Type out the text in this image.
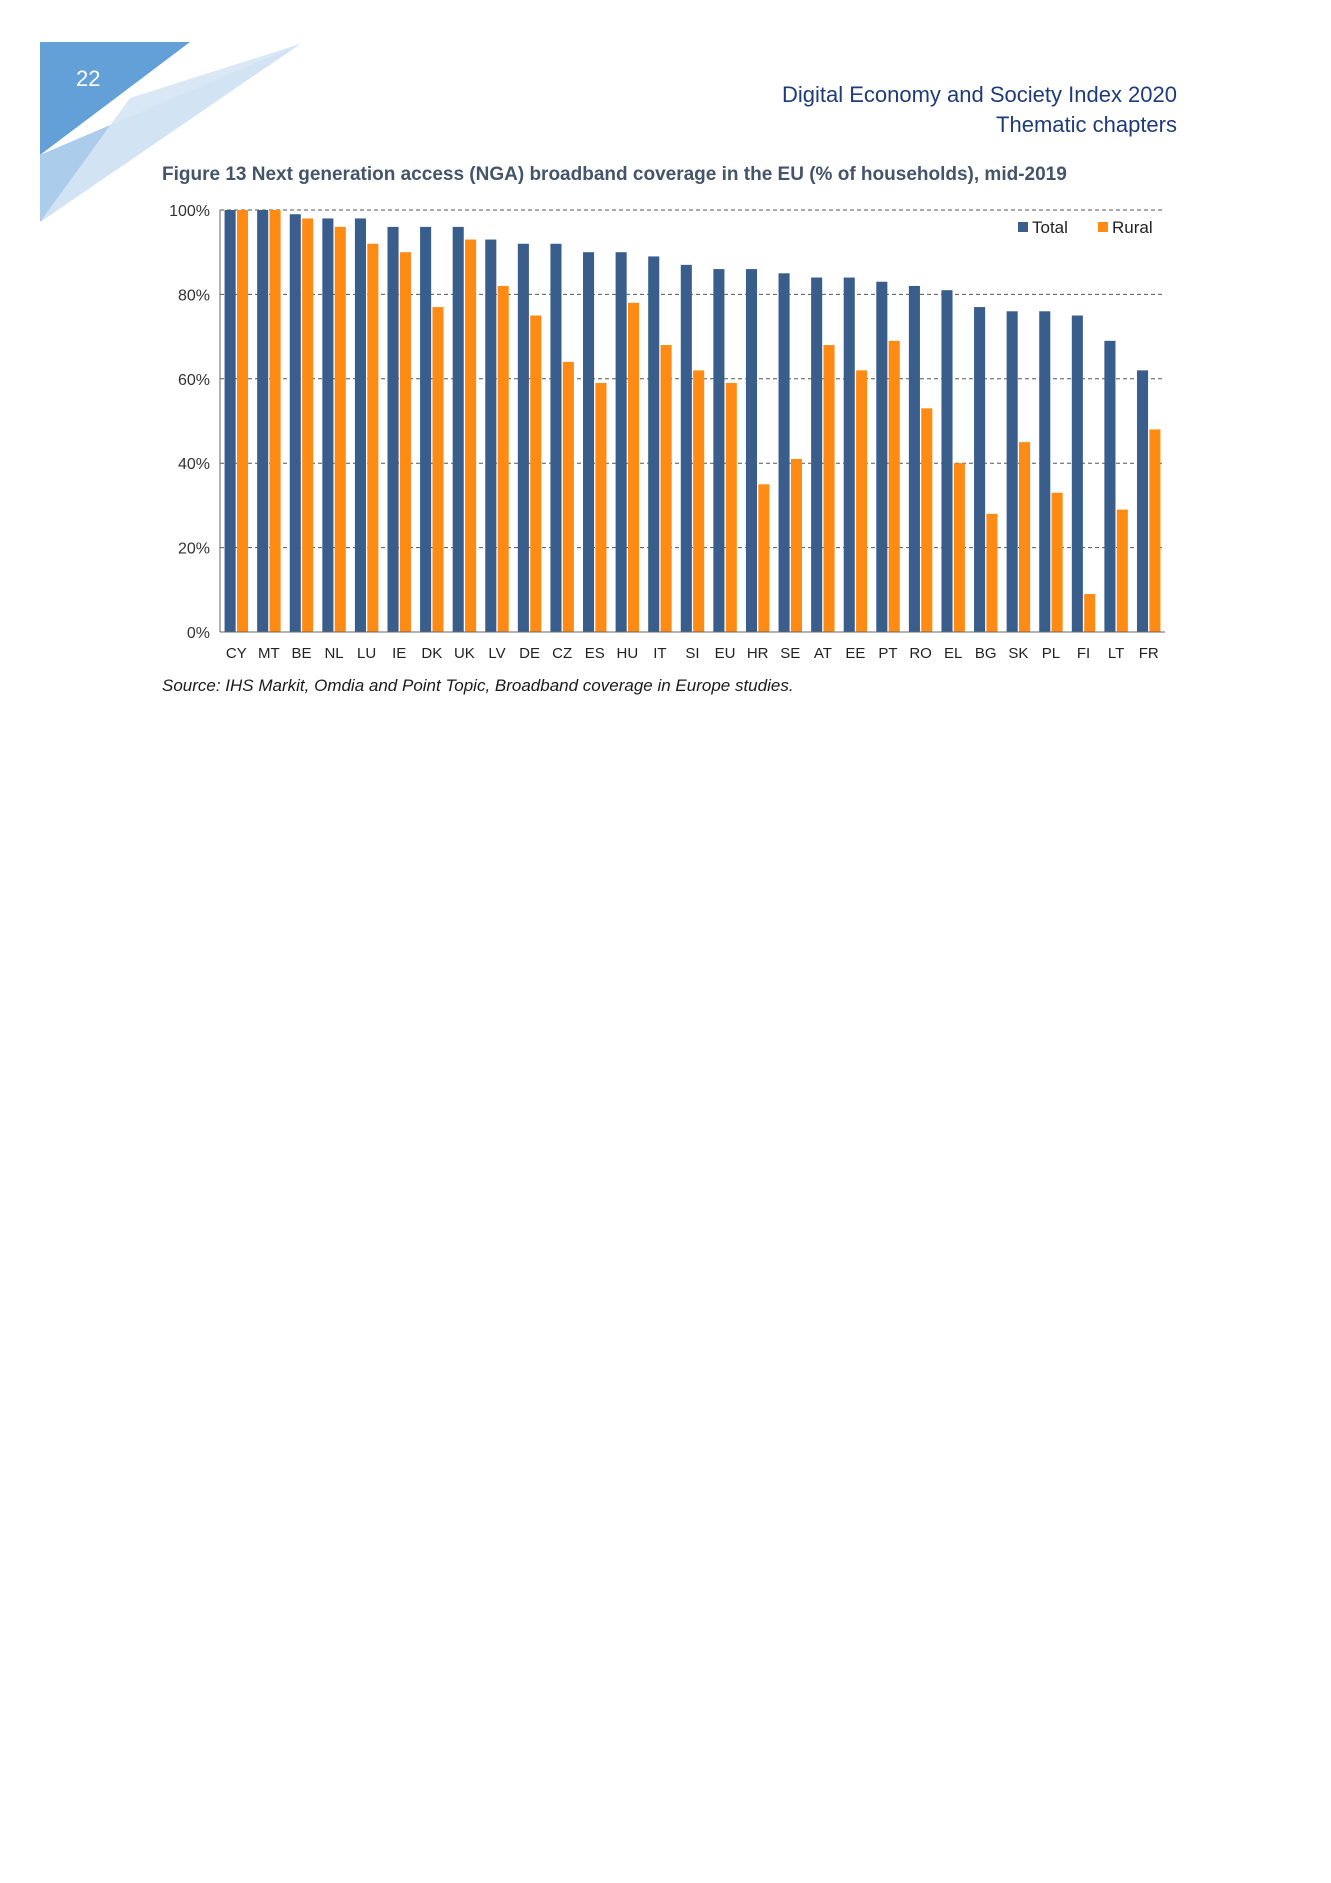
22
Digital Economy and Society Index 2020
Thematic chapters
Figure 13 Next generation access (NGA) broadband coverage in the EU (% of households), mid-2019
0%
20%
40%
60%
80%
100%
CY MT BE NL LU IE DK UK LV DE CZ ES HU IT SI EU HR SE AT EE PT RO EL BG SK PL FI LT FR
Total	Rural
Source: IHS Markit, Omdia and Point Topic, Broadband coverage in Europe studies.
